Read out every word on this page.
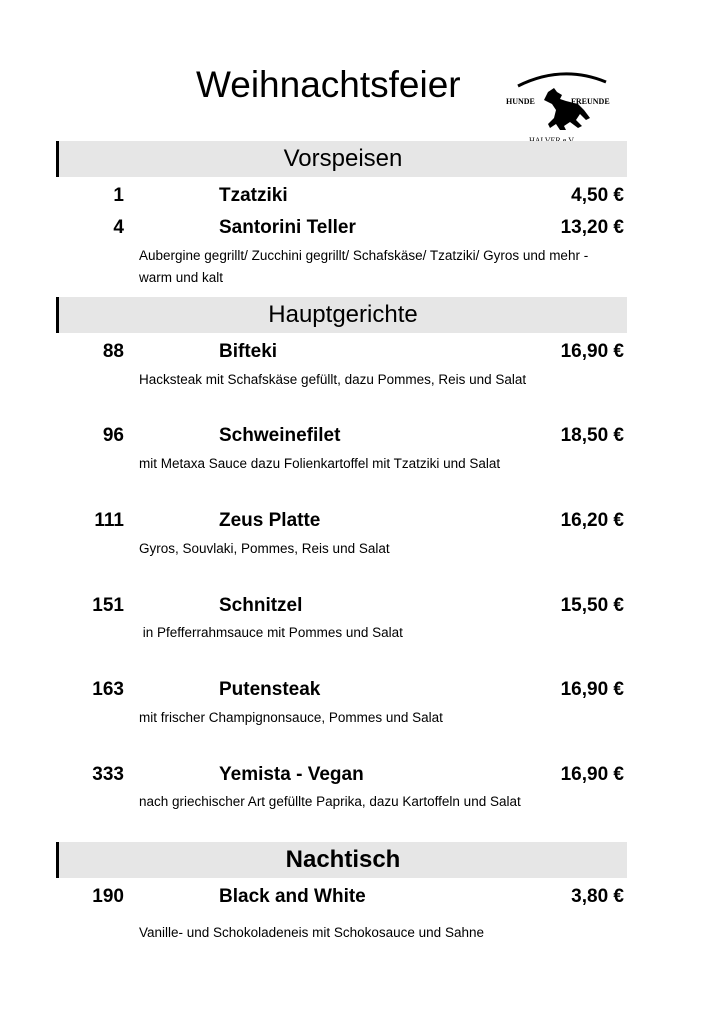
Weihnachtsfeier	HUNDE	FREUNDE
Vorspeisen
1	Tzatziki	4,50 €
4	Santorini Teller	13,20 €
Aubergine gegrillt/ Zucchini gegrillt/ Schafskäse/ Tzatziki/ Gyros und mehr - warm und kalt
Hauptgerichte
88	Bifteki	16,90 €
Hacksteak mit Schafskäse gefüllt, dazu Pommes, Reis und Salat
96	Schweinefilet	18,50 €
mit Metaxa Sauce dazu Folienkartoffel mit Tzatziki und Salat
111	Zeus Platte	16,20 €
Gyros, Souvlaki, Pommes, Reis und Salat
151	Schnitzel	15,50 €
in Pfefferrahmsauce mit Pommes und Salat
163	Putensteak	16,90 €
mit frischer Champignonsauce, Pommes und Salat
333	Yemista - Vegan	16,90 €
nach griechischer Art gefüllte Paprika, dazu Kartoffeln und Salat
Nachtisch
190	Black and White	3,80 €
Vanille- und Schokoladeneis mit Schokosauce und Sahne
